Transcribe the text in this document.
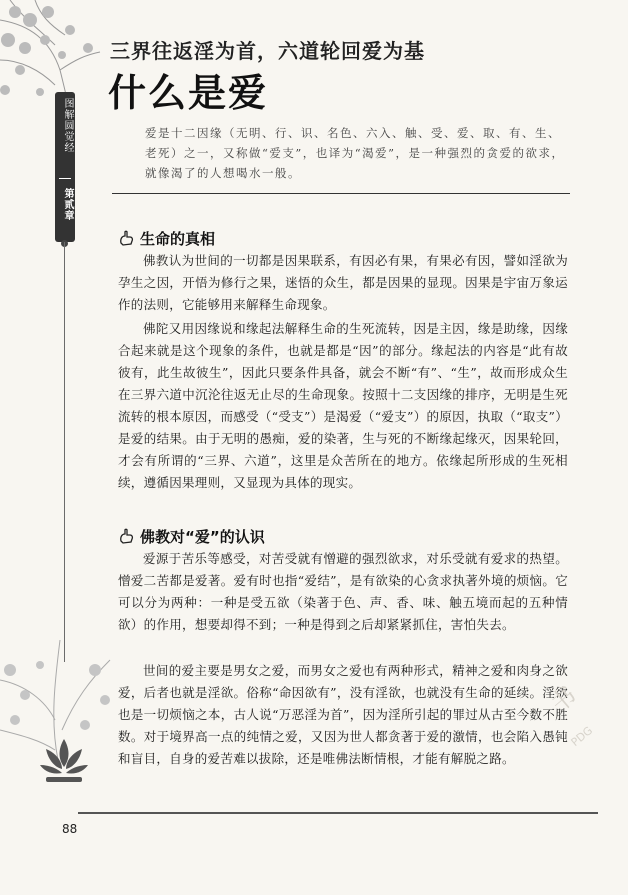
图解圆觉经
第贰章
三界往返淫为首，六道轮回爱为基
什么是爱
爱是十二因缘（无明、行、识、名色、六入、触、受、爱、取、有、生、老死）之一，又称做“爱支”，也译为“渴爱”，是一种强烈的贪爱的欲求，就像渴了的人想喝水一般。
生命的真相
佛教认为世间的一切都是因果联系，有因必有果，有果必有因，譬如淫欲为孕生之因，开悟为修行之果，迷悟的众生，都是因果的显现。因果是宇宙万象运作的法则，它能够用来解释生命现象。
佛陀又用因缘说和缘起法解释生命的生死流转，因是主因，缘是助缘，因缘合起来就是这个现象的条件，也就是都是“因”的部分。缘起法的内容是“此有故彼有，此生故彼生”，因此只要条件具备，就会不断“有”、“生”，故而形成众生在三界六道中沉沦往返无止尽的生命现象。按照十二支因缘的排序，无明是生死流转的根本原因，而感受（“受支”）是渴爱（“爱支”）的原因，执取（“取支”）是爱的结果。由于无明的愚痴，爱的染著，生与死的不断缘起缘灭，因果轮回，才会有所谓的“三界、六道”，这里是众苦所在的地方。依缘起所形成的生死相续，遵循因果理则，又显现为具体的现实。
佛教对“爱”的认识
爱源于苦乐等感受，对苦受就有憎避的强烈欲求，对乐受就有爱求的热望。憎爱二苦都是爱著。爱有时也指“爱结”，是有欲染的心贪求执著外境的烦恼。它可以分为两种：一种是受五欲（染著于色、声、香、味、触五境而起的五种情欲）的作用，想要却得不到；一种是得到之后却紧紧抓住，害怕失去。
世间的爱主要是男女之爱，而男女之爱也有两种形式，精神之爱和肉身之欲爱，后者也就是淫欲。俗称“命因欲有”，没有淫欲，也就没有生命的延续。淫欲也是一切烦恼之本，古人说“万恶淫为首”，因为淫所引起的罪过从古至今数不胜数。对于境界高一点的纯情之爱，又因为世人都贪著于爱的激情，也会陷入愚钝和盲目，自身的爱苦难以拔除，还是唯佛法断情根，才能有解脱之路。
书
PDG
88
